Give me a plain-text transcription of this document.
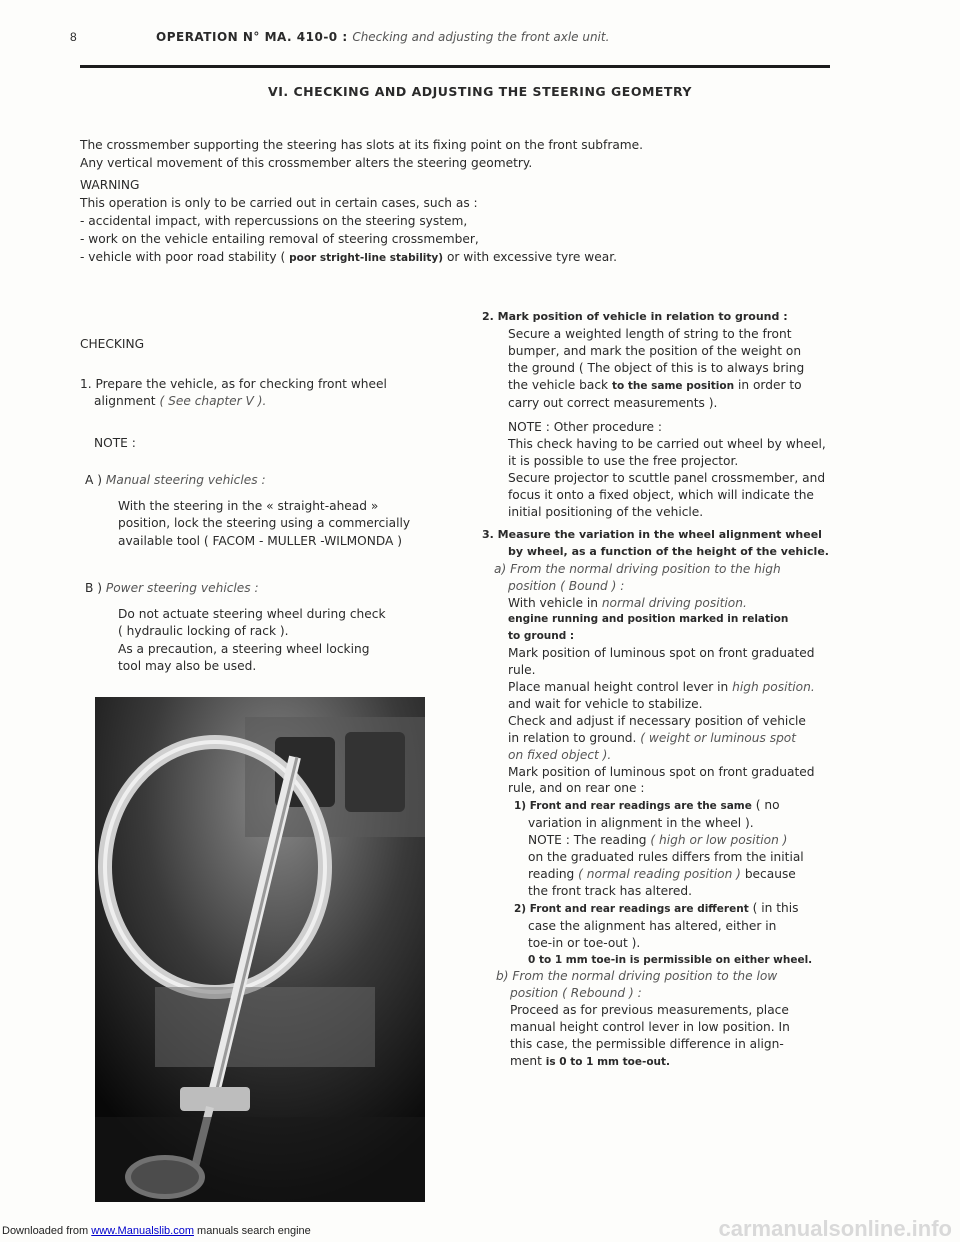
8	OPERATION N° MA. 410-0 : Checking and adjusting the front axle unit.
VI. CHECKING AND ADJUSTING THE STEERING GEOMETRY

The crossmember supporting the steering has slots at its fixing point on the front subframe.

Any vertical movement of this crossmember alters the steering geometry.

WARNING

This operation is only to be carried out in certain cases, such as :

- accidental impact, with repercussions on the steering system,

- work on the vehicle entailing removal of steering crossmember,

- vehicle with poor road stability ( poor stright-line stability) or with excessive tyre wear.

CHECKING
1. Prepare the vehicle, as for checking front wheel
alignment ( See chapter V ).
NOTE :
A ) Manual steering vehicles :
With the steering in the « straight-ahead »
position, lock the steering using a commercially
available tool ( FACOM - MULLER -WILMONDA )
B ) Power steering vehicles :
Do not actuate steering wheel during check
( hydraulic locking of rack ).
As a precaution, a steering wheel locking
tool may also be used.
2. Mark position of vehicle in relation to ground :
Secure a weighted length of string to the front
bumper, and mark the position of the weight on
the ground ( The object of this is to always bring
the vehicle back to the same position in order to
carry out correct measurements ).
NOTE : Other procedure :
This check having to be carried out wheel by wheel,
it is possible to use the free projector.
Secure projector to scuttle panel crossmember, and
focus it onto a fixed object, which will indicate the
initial positioning of the vehicle.
3. Measure the variation in the wheel alignment wheel
by wheel, as a function of the height of the vehicle.
a) From the normal driving position to the high
position ( Bound ) :
With vehicle in normal driving position.
engine running and position marked in relation
to ground :
Mark position of luminous spot on front graduated
rule.
Place manual height control lever in high position.
and wait for vehicle to stabilize.
Check and adjust if necessary position of vehicle
in relation to ground. ( weight or luminous spot
on fixed object ).
Mark position of luminous spot on front graduated
rule, and on rear one :
1) Front and rear readings are the same ( no
variation in alignment in the wheel ).
NOTE : The reading ( high or low position )
on the graduated rules differs from the initial
reading ( normal reading position ) because
the front track has altered.
2) Front and rear readings are different ( in this
case the alignment has altered, either in
toe-in or toe-out ).
0 to 1 mm toe-in is permissible on either wheel.
b) From the normal driving position to the low
position ( Rebound ) :
Proceed as for previous measurements, place
manual height control lever in low position. In
this case, the permissible difference in align-
ment is 0 to 1 mm toe-out.
Downloaded from www.Manualslib.com manuals search engine	carmanualsonline.info
